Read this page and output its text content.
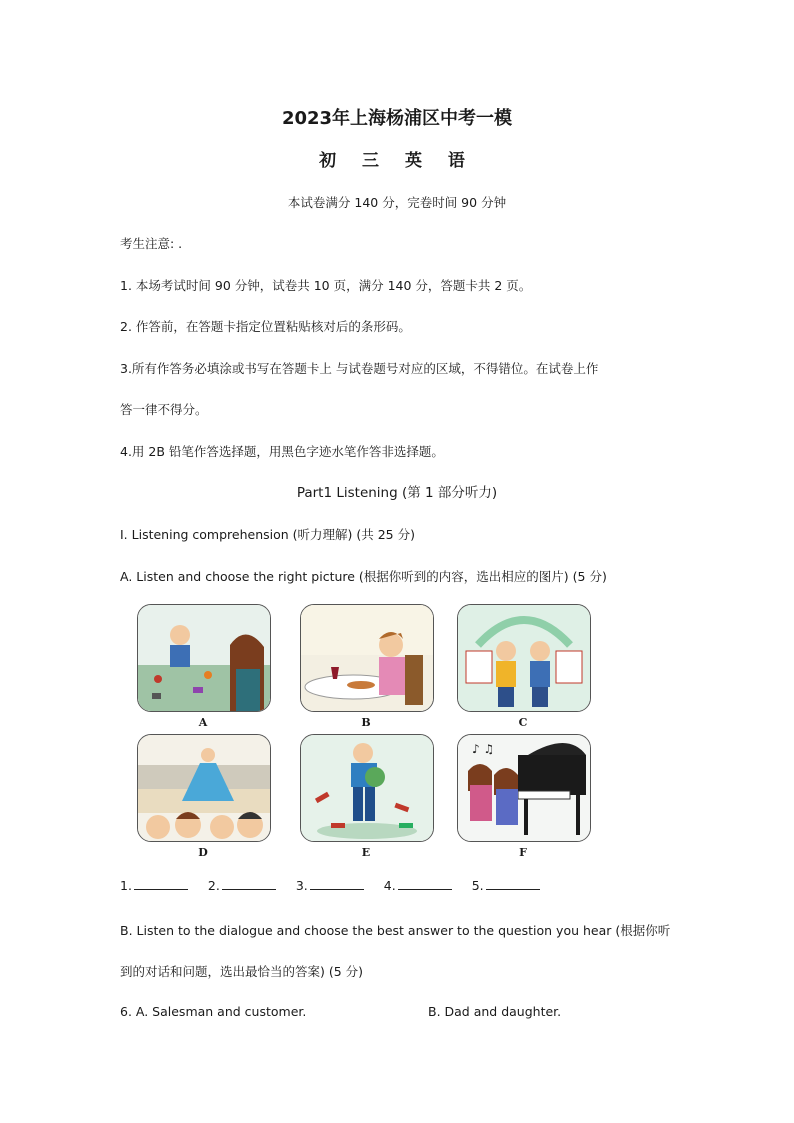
2023年上海杨浦区中考一模
初 三 英 语
本试卷满分 140 分，完卷时间 90 分钟
考生注意: .
1. 本场考试时间 90 分钟，试卷共 10 页，满分 140 分，答题卡共 2 页。
2. 作答前，在答题卡指定位置粘贴核对后的条形码。
3.所有作答务必填涂或书写在答题卡上 与试卷题号对应的区域，不得错位。在试卷上作
答一律不得分。
4.用 2B 铅笔作答选择题，用黑色字迹水笔作答非选择题。
Part1 Listening (第 1 部分听力)
I. Listening comprehension (听力理解) (共 25 分)
A. Listen and choose the right picture (根据你听到的内容，选出相应的图片) (5 分)
A	B	C
D	E
♪ ♫
F
1.	2.	3.	4.	5.
B. Listen to the dialogue and choose the best answer to the question you hear (根据你听
到的对话和问题，选出最恰当的答案) (5 分)
6. A. Salesman and customer.	B. Dad and daughter.
